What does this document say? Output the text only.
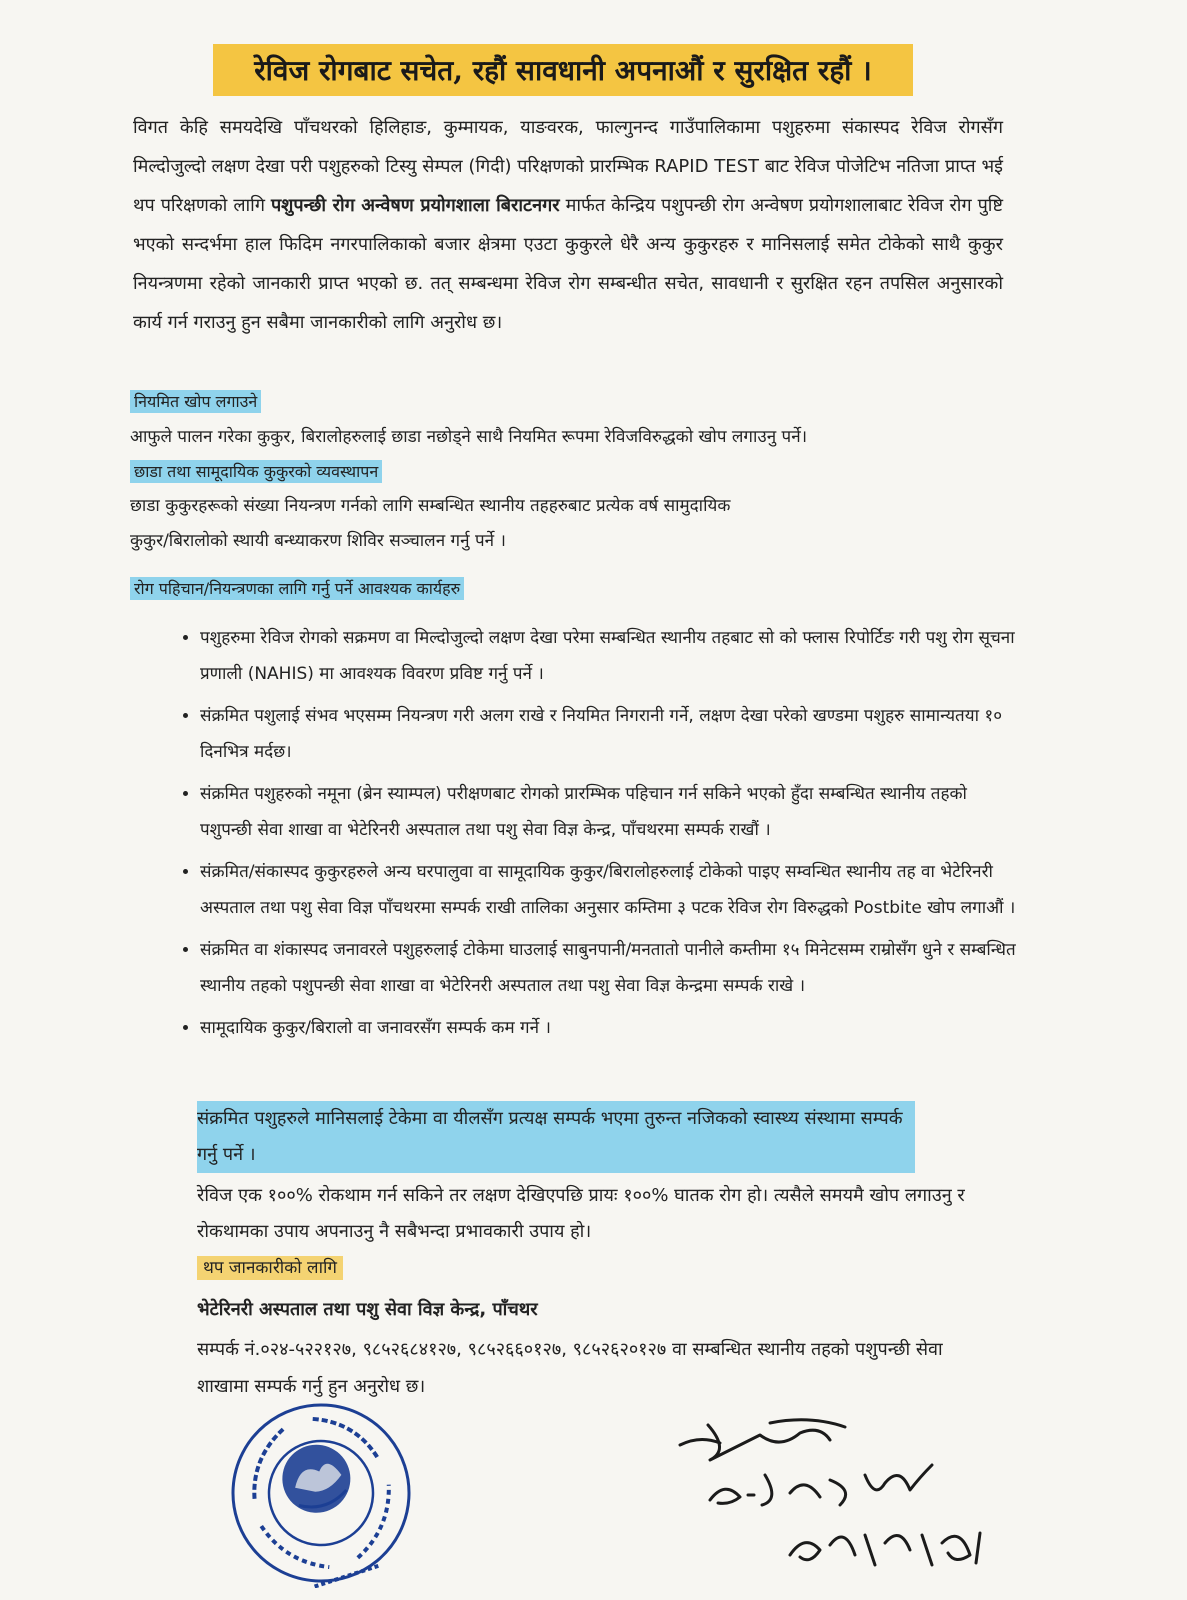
रेविज रोगबाट सचेत, रहौं सावधानी अपनाऔं र सुरक्षित रहौं ।
विगत केहि समयदेखि पाँचथरको हिलिहाङ, कुम्मायक, याङवरक, फाल्गुनन्द गाउँपालिकामा पशुहरुमा संकास्पद रेविज रोगसँग मिल्दोजुल्दो लक्षण देखा परी पशुहरुको टिस्यु सेम्पल (गिदी) परिक्षणको प्रारम्भिक RAPID TEST बाट रेविज पोजेटिभ नतिजा प्राप्त भई थप परिक्षणको लागि पशुपन्छी रोग अन्वेषण प्रयोगशाला बिराटनगर मार्फत केन्द्रिय पशुपन्छी रोग अन्वेषण प्रयोगशालाबाट रेविज रोग पुष्टि भएको सन्दर्भमा हाल फिदिम नगरपालिकाको बजार क्षेत्रमा एउटा कुकुरले धेरै अन्य कुकुरहरु र मानिसलाई समेत टोकेको साथै कुकुर नियन्त्रणमा रहेको जानकारी प्राप्त भएको छ. तत् सम्बन्धमा रेविज रोग सम्बन्धीत सचेत, सावधानी र सुरक्षित रहन तपसिल अनुसारको कार्य गर्न गराउनु हुन सबैमा जानकारीको लागि अनुरोध छ।
नियमित खोप लगाउने
आफुले पालन गरेका कुकुर, बिरालोहरुलाई छाडा नछोड्ने साथै नियमित रूपमा रेविजविरुद्धको खोप लगाउनु पर्ने।
छाडा तथा सामूदायिक कुकुरको व्यवस्थापन
छाडा कुकुरहरूको संख्या नियन्त्रण गर्नको लागि सम्बन्धित स्थानीय तहहरुबाट प्रत्येक वर्ष सामुदायिक
कुकुर/बिरालोको स्थायी बन्ध्याकरण शिविर सञ्चालन गर्नु पर्ने ।
रोग पहिचान/नियन्त्रणका लागि गर्नु पर्ने आवश्यक कार्यहरु
• पशुहरुमा रेविज रोगको सक्रमण वा मिल्दोजुल्दो लक्षण देखा परेमा सम्बन्धित स्थानीय तहबाट सो को फ्लास रिपोर्टिङ गरी पशु रोग सूचना प्रणाली (NAHIS) मा आवश्यक विवरण प्रविष्ट गर्नु पर्ने ।
• संक्रमित पशुलाई संभव भएसम्म नियन्त्रण गरी अलग राखे र नियमित निगरानी गर्ने, लक्षण देखा परेको खण्डमा पशुहरु सामान्यतया १० दिनभित्र मर्दछ।
• संक्रमित पशुहरुको नमूना (ब्रेन स्याम्पल) परीक्षणबाट रोगको प्रारम्भिक पहिचान गर्न सकिने भएको हुँदा सम्बन्धित स्थानीय तहको पशुपन्छी सेवा शाखा वा भेटेरिनरी अस्पताल तथा पशु सेवा विज्ञ केन्द्र, पाँचथरमा सम्पर्क राखौं ।
• संक्रमित/संकास्पद कुकुरहरुले अन्य घरपालुवा वा सामूदायिक कुकुर/बिरालोहरुलाई टोकेको पाइए सम्वन्धित स्थानीय तह वा भेटेरिनरी अस्पताल तथा पशु सेवा विज्ञ पाँचथरमा सम्पर्क राखी तालिका अनुसार कम्तिमा ३ पटक रेविज रोग विरुद्धको Postbite खोप लगाऔं ।
• संक्रमित वा शंकास्पद जनावरले पशुहरुलाई टोकेमा घाउलाई साबुनपानी/मनतातो पानीले कम्तीमा १५ मिनेटसम्म राम्रोसँग धुने र सम्बन्धित स्थानीय तहको पशुपन्छी सेवा शाखा वा भेटेरिनरी अस्पताल तथा पशु सेवा विज्ञ केन्द्रमा सम्पर्क राखे ।
• सामूदायिक कुकुर/बिरालो वा जनावरसँग सम्पर्क कम गर्ने ।
संक्रमित पशुहरुले मानिसलाई टेकेमा वा यीलसँग प्रत्यक्ष सम्पर्क भएमा तुरुन्त नजिकको स्वास्थ्य संस्थामा सम्पर्क गर्नु पर्ने ।
रेविज एक १००% रोकथाम गर्न सकिने तर लक्षण देखिएपछि प्रायः १००% घातक रोग हो। त्यसैले समयमै खोप लगाउनु र रोकथामका उपाय अपनाउनु नै सबैभन्दा प्रभावकारी उपाय हो।
थप जानकारीको लागि
भेटेरिनरी अस्पताल तथा पशु सेवा विज्ञ केन्द्र, पाँचथर
सम्पर्क नं.०२४-५२२१२७, ९८५२६८४१२७, ९८५२६६०१२७, ९८५२६२०१२७ वा सम्बन्धित स्थानीय तहको पशुपन्छी सेवा शाखामा सम्पर्क गर्नु हुन अनुरोध छ।
